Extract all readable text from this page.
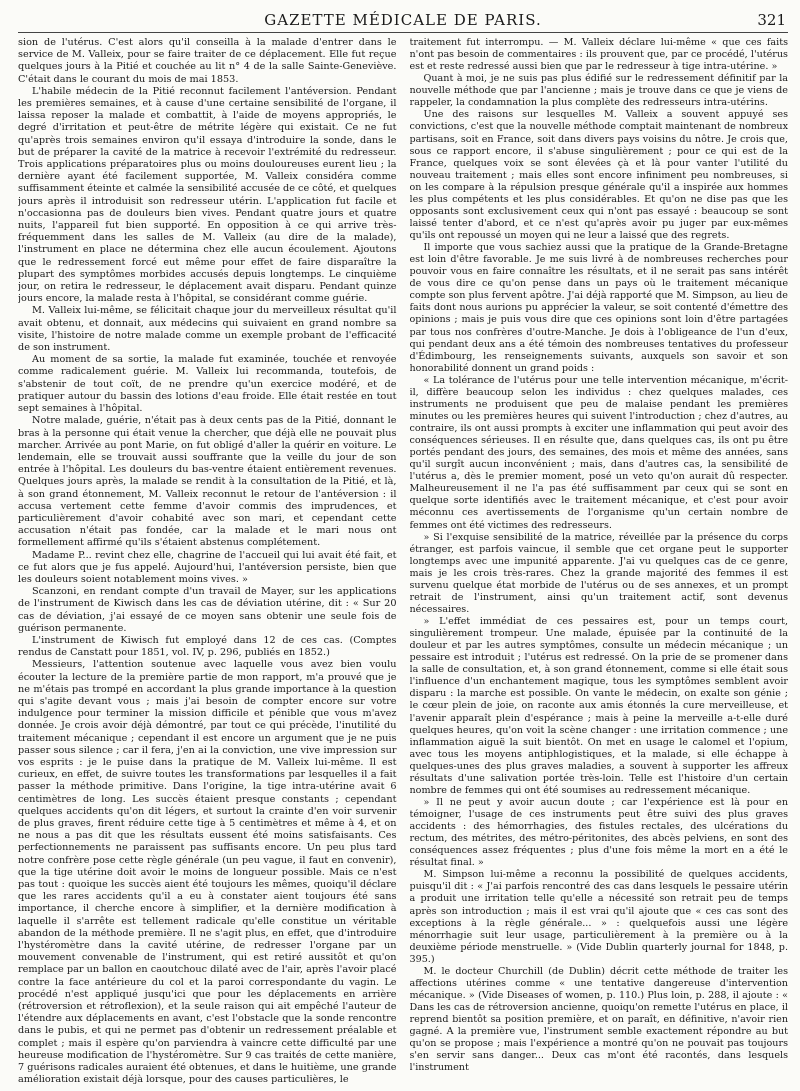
GAZETTE MÉDICALE DE PARIS.	321

sion de l'utérus. C'est alors qu'il conseilla à la malade d'entrer dans le service de M. Valleix, pour se faire traiter de ce déplacement. Elle fut reçue quelques jours à la Pitié et couchée au lit n° 4 de la salle Sainte-Geneviève. C'était dans le courant du mois de mai 1853.

L'habile médecin de la Pitié reconnut facilement l'antéversion. Pendant les premières semaines, et à cause d'une certaine sensibilité de l'organe, il laissa reposer la malade et combattit, à l'aide de moyens appropriés, le degré d'irritation et peut-être de métrite légère qui existait. Ce ne fut qu'après trois semaines environ qu'il essaya d'introduire la sonde, dans le but de préparer la cavité de la matrice à recevoir l'extrémité du redresseur. Trois applications préparatoires plus ou moins douloureuses eurent lieu ; la dernière ayant été facilement supportée, M. Valleix considéra comme suffisamment éteinte et calmée la sensibilité accusée de ce côté, et quelques jours après il introduisit son redresseur utérin. L'application fut facile et n'occasionna pas de douleurs bien vives. Pendant quatre jours et quatre nuits, l'appareil fut bien supporté. En opposition à ce qui arrive très-fréquemment dans les salles de M. Valleix (au dire de la malade), l'instrument en place ne détermina chez elle aucun écoulement. Ajoutons que le redressement forcé eut même pour effet de faire disparaître la plupart des symptômes morbides accusés depuis longtemps. Le cinquième jour, on retira le redresseur, le déplacement avait disparu. Pendant quinze jours encore, la malade resta à l'hôpital, se considérant comme guérie.

M. Valleix lui-même, se félicitait chaque jour du merveilleux résultat qu'il avait obtenu, et donnait, aux médecins qui suivaient en grand nombre sa visite, l'histoire de notre malade comme un exemple probant de l'efficacité de son instrument.

Au moment de sa sortie, la malade fut examinée, touchée et renvoyée comme radicalement guérie. M. Valleix lui recommanda, toutefois, de s'abstenir de tout coït, de ne prendre qu'un exercice modéré, et de pratiquer autour du bassin des lotions d'eau froide. Elle était restée en tout sept semaines à l'hôpital.

Notre malade, guérie, n'était pas à deux cents pas de la Pitié, donnant le bras à la personne qui était venue la chercher, que déjà elle ne pouvait plus marcher. Arrivée au pont Marie, on fut obligé d'aller la quérir en voiture. Le lendemain, elle se trouvait aussi souffrante que la veille du jour de son entrée à l'hôpital. Les douleurs du bas-ventre étaient entièrement revenues. Quelques jours après, la malade se rendit à la consultation de la Pitié, et là, à son grand étonnement, M. Valleix reconnut le retour de l'antéversion : il accusa vertement cette femme d'avoir commis des imprudences, et particulièrement d'avoir cohabité avec son mari, et cependant cette accusation n'était pas fondée, car la malade et le mari nous ont formellement affirmé qu'ils s'étaient abstenus complétement.

Madame P... revint chez elle, chagrine de l'accueil qui lui avait été fait, et ce fut alors que je fus appelé. Aujourd'hui, l'antéversion persiste, bien que les douleurs soient notablement moins vives. »

Scanzoni, en rendant compte d'un travail de Mayer, sur les applications de l'instrument de Kiwisch dans les cas de déviation utérine, dit : « Sur 20 cas de déviation, j'ai essayé de ce moyen sans obtenir une seule fois de guérison permanente.

L'instrument de Kiwisch fut employé dans 12 de ces cas. (Comptes rendus de Canstatt pour 1851, vol. IV, p. 296, publiés en 1852.)

Messieurs, l'attention soutenue avec laquelle vous avez bien voulu écouter la lecture de la première partie de mon rapport, m'a prouvé que je ne m'étais pas trompé en accordant la plus grande importance à la question qui s'agite devant vous ; mais j'ai besoin de compter encore sur votre indulgence pour terminer la mission difficile et pénible que vous m'avez donnée. Je crois avoir déjà démontré, par tout ce qui précède, l'inutilité du traitement mécanique ; cependant il est encore un argument que je ne puis passer sous silence ; car il fera, j'en ai la conviction, une vive impression sur vos esprits : je le puise dans la pratique de M. Valleix lui-même. Il est curieux, en effet, de suivre toutes les transformations par lesquelles il a fait passer la méthode primitive. Dans l'origine, la tige intra-utérine avait 6 centimètres de long. Les succès étaient presque constants ; cependant quelques accidents qu'on dit légers, et surtout la crainte d'en voir survenir de plus graves, firent réduire cette tige à 5 centimètres et même à 4, et on ne nous a pas dit que les résultats eussent été moins satisfaisants. Ces perfectionnements ne paraissent pas suffisants encore. Un peu plus tard notre confrère pose cette règle générale (un peu vague, il faut en convenir), que la tige utérine doit avoir le moins de longueur possible. Mais ce n'est pas tout : quoique les succès aient été toujours les mêmes, quoiqu'il déclare que les rares accidents qu'il a eu à constater aient toujours été sans importance, il cherche encore à simplifier, et la dernière modification à laquelle il s'arrête est tellement radicale qu'elle constitue un véritable abandon de la méthode première. Il ne s'agit plus, en effet, que d'introduire l'hystéromètre dans la cavité utérine, de redresser l'organe par un mouvement convenable de l'instrument, qui est retiré aussitôt et qu'on remplace par un ballon en caoutchouc dilaté avec de l'air, après l'avoir placé contre la face antérieure du col et la paroi correspondante du vagin. Le procédé n'est appliqué jusqu'ici que pour les déplacements en arrière (rétroversion et rétroflexion), et la seule raison qui ait empêché l'auteur de l'étendre aux déplacements en avant, c'est l'obstacle que la sonde rencontre dans le pubis, et qui ne permet pas d'obtenir un redressement préalable et complet ; mais il espère qu'on parviendra à vaincre cette difficulté par une heureuse modification de l'hystéromètre. Sur 9 cas traités de cette manière, 7 guérisons radicales auraient été obtenues, et dans le huitième, une grande amélioration existait déjà lorsque, pour des causes particulières, le

traitement fut interrompu. — M. Valleix déclare lui-même « que ces faits n'ont pas besoin de commentaires : ils prouvent que, par ce procédé, l'utérus est et reste redressé aussi bien que par le redresseur à tige intra-utérine. »

Quant à moi, je ne suis pas plus édifié sur le redressement définitif par la nouvelle méthode que par l'ancienne ; mais je trouve dans ce que je viens de rappeler, la condamnation la plus complète des redresseurs intra-utérins.

Une des raisons sur lesquelles M. Valleix a souvent appuyé ses convictions, c'est que la nouvelle méthode comptait maintenant de nombreux partisans, soit en France, soit dans divers pays voisins du nôtre. Je crois que, sous ce rapport encore, il s'abuse singulièrement ; pour ce qui est de la France, quelques voix se sont élevées çà et là pour vanter l'utilité du nouveau traitement ; mais elles sont encore infiniment peu nombreuses, si on les compare à la répulsion presque générale qu'il a inspirée aux hommes les plus compétents et les plus considérables. Et qu'on ne dise pas que les opposants sont exclusivement ceux qui n'ont pas essayé : beaucoup se sont laissé tenter d'abord, et ce n'est qu'après avoir pu juger par eux-mêmes qu'ils ont repoussé un moyen qui ne leur a laissé que des regrets.

Il importe que vous sachiez aussi que la pratique de la Grande-Bretagne est loin d'être favorable. Je me suis livré à de nombreuses recherches pour pouvoir vous en faire connaître les résultats, et il ne serait pas sans intérêt de vous dire ce qu'on pense dans un pays où le traitement mécanique compte son plus fervent apôtre. J'ai déjà rapporté que M. Simpson, au lieu de faits dont nous aurions pu apprécier la valeur, se soit contenté d'émettre des opinions ; mais je puis vous dire que ces opinions sont loin d'être partagées par tous nos confrères d'outre-Manche. Je dois à l'obligeance de l'un d'eux, qui pendant deux ans a été témoin des nombreuses tentatives du professeur d'Édimbourg, les renseignements suivants, auxquels son savoir et son honorabilité donnent un grand poids :

« La tolérance de l'utérus pour une telle intervention mécanique, m'écrit-il, diffère beaucoup selon les individus : chez quelques malades, ces instruments ne produisent que peu de malaise pendant les premières minutes ou les premières heures qui suivent l'introduction ; chez d'autres, au contraire, ils ont aussi prompts à exciter une inflammation qui peut avoir des conséquences sérieuses. Il en résulte que, dans quelques cas, ils ont pu être portés pendant des jours, des semaines, des mois et même des années, sans qu'il surgît aucun inconvénient ; mais, dans d'autres cas, la sensibilité de l'utérus a, dès le premier moment, posé un veto qu'on aurait dû respecter. Malheureusement il ne l'a pas été suffisamment par ceux qui se sont en quelque sorte identifiés avec le traitement mécanique, et c'est pour avoir méconnu ces avertissements de l'organisme qu'un certain nombre de femmes ont été victimes des redresseurs.

» Si l'exquise sensibilité de la matrice, réveillée par la présence du corps étranger, est parfois vaincue, il semble que cet organe peut le supporter longtemps avec une impunité apparente. J'ai vu quelques cas de ce genre, mais je les crois très-rares. Chez la grande majorité des femmes il est survenu quelque état morbide de l'utérus ou de ses annexes, et un prompt retrait de l'instrument, ainsi qu'un traitement actif, sont devenus nécessaires.

» L'effet immédiat de ces pessaires est, pour un temps court, singulièrement trompeur. Une malade, épuisée par la continuité de la douleur et par les autres symptômes, consulte un médecin mécanique ; un pessaire est introduit ; l'utérus est redressé. On la prie de se promener dans la salle de consultation, et, à son grand étonnement, comme si elle était sous l'influence d'un enchantement magique, tous les symptômes semblent avoir disparu : la marche est possible. On vante le médecin, on exalte son génie ; le cœur plein de joie, on raconte aux amis étonnés la cure merveilleuse, et l'avenir apparaît plein d'espérance ; mais à peine la merveille a-t-elle duré quelques heures, qu'on voit la scène changer : une irritation commence ; une inflammation aiguë la suit bientôt. On met en usage le calomel et l'opium, avec tous les moyens antiphlogistiques, et la malade, si elle échappe à quelques-unes des plus graves maladies, a souvent à supporter les affreux résultats d'une salivation portée très-loin. Telle est l'histoire d'un certain nombre de femmes qui ont été soumises au redressement mécanique.

» Il ne peut y avoir aucun doute ; car l'expérience est là pour en témoigner, l'usage de ces instruments peut être suivi des plus graves accidents : des hémorrhagies, des fistules rectales, des ulcérations du rectum, des métrites, des métro-péritonites, des abcès pelviens, en sont des conséquences assez fréquentes ; plus d'une fois même la mort en a été le résultat final. »

M. Simpson lui-même a reconnu la possibilité de quelques accidents, puisqu'il dit : « J'ai parfois rencontré des cas dans lesquels le pessaire utérin a produit une irritation telle qu'elle a nécessité son retrait peu de temps après son introduction ; mais il est vrai qu'il ajoute que « ces cas sont des exceptions à la règle générale... » : quelquefois aussi une légère ménorrhagie suit leur usage, particulièrement à la première ou à la deuxième période menstruelle. » (Vide Dublin quarterly journal for 1848, p. 395.)

M. le docteur Churchill (de Dublin) décrit cette méthode de traiter les affections utérines comme « une tentative dangereuse d'intervention mécanique. » (Vide Diseases of women, p. 110.) Plus loin, p. 288, il ajoute : « Dans les cas de rétroversion ancienne, quoiqu'on remette l'utérus en place, il reprend bientôt sa position première, et on paraît, en définitive, n'avoir rien gagné. A la première vue, l'instrument semble exactement répondre au but qu'on se propose ; mais l'expérience a montré qu'on ne pouvait pas toujours s'en servir sans danger... Deux cas m'ont été racontés, dans lesquels l'instrument
